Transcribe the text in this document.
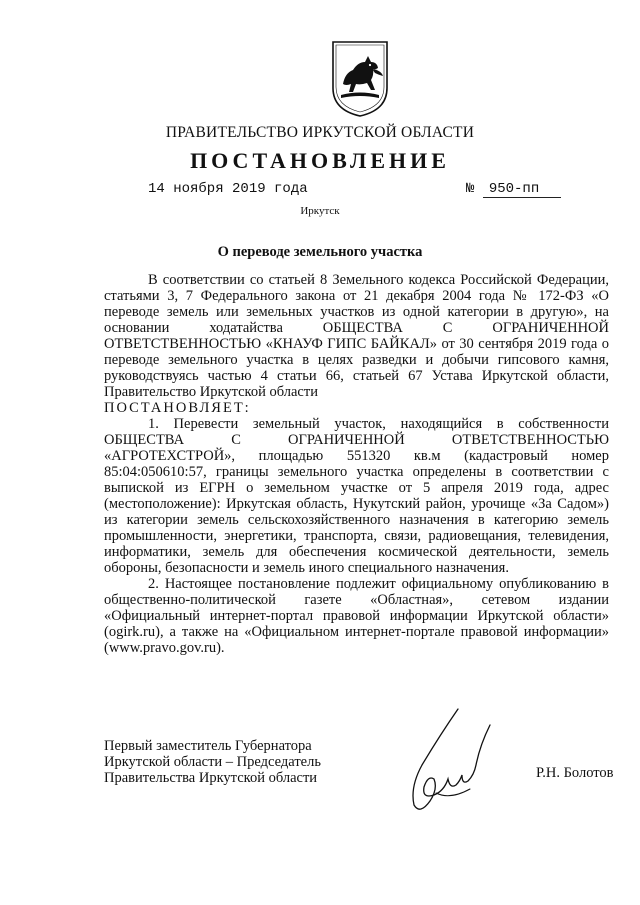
ПРАВИТЕЛЬСТВО ИРКУТСКОЙ ОБЛАСТИ
ПОСТАНОВЛЕНИЕ
14 ноября 2019 года	№ 950-пп
Иркутск
О переводе земельного участка

В соответствии со статьей 8 Земельного кодекса Российской Федерации, статьями 3, 7 Федерального закона от 21 декабря 2004 года № 172-ФЗ «О переводе земель или земельных участков из одной категории в другую», на основании ходатайства ОБЩЕСТВА С ОГРАНИЧЕННОЙ ОТВЕТСТВЕННОСТЬЮ «КНАУФ ГИПС БАЙКАЛ» от 30 сентября 2019 года о переводе земельного участка в целях разведки и добычи гипсового камня, руководствуясь частью 4 статьи 66, статьей 67 Устава Иркутской области, Правительство Иркутской области

ПОСТАНОВЛЯЕТ:

1. Перевести земельный участок, находящийся в собственности ОБЩЕСТВА С ОГРАНИЧЕННОЙ ОТВЕТСТВЕННОСТЬЮ «АГРОТЕХСТРОЙ», площадью 551320 кв.м (кадастровый номер 85:04:050610:57, границы земельного участка определены в соответствии с выпиской из ЕГРН о земельном участке от 5 апреля 2019 года, адрес (местоположение): Иркутская область, Нукутский район, урочище «За Садом») из категории земель сельскохозяйственного назначения в категорию земель промышленности, энергетики, транспорта, связи, радиовещания, телевидения, информатики, земель для обеспечения космической деятельности, земель обороны, безопасности и земель иного специального назначения.

2. Настоящее постановление подлежит официальному опубликованию в общественно-политической газете «Областная», сетевом издании «Официальный интернет-портал правовой информации Иркутской области» (ogirk.ru), а также на «Официальном интернет-портале правовой информации» (www.pravo.gov.ru).

Первый заместитель Губернатора
Иркутской области – Председатель
Правительства Иркутской области	Р.Н. Болотов
